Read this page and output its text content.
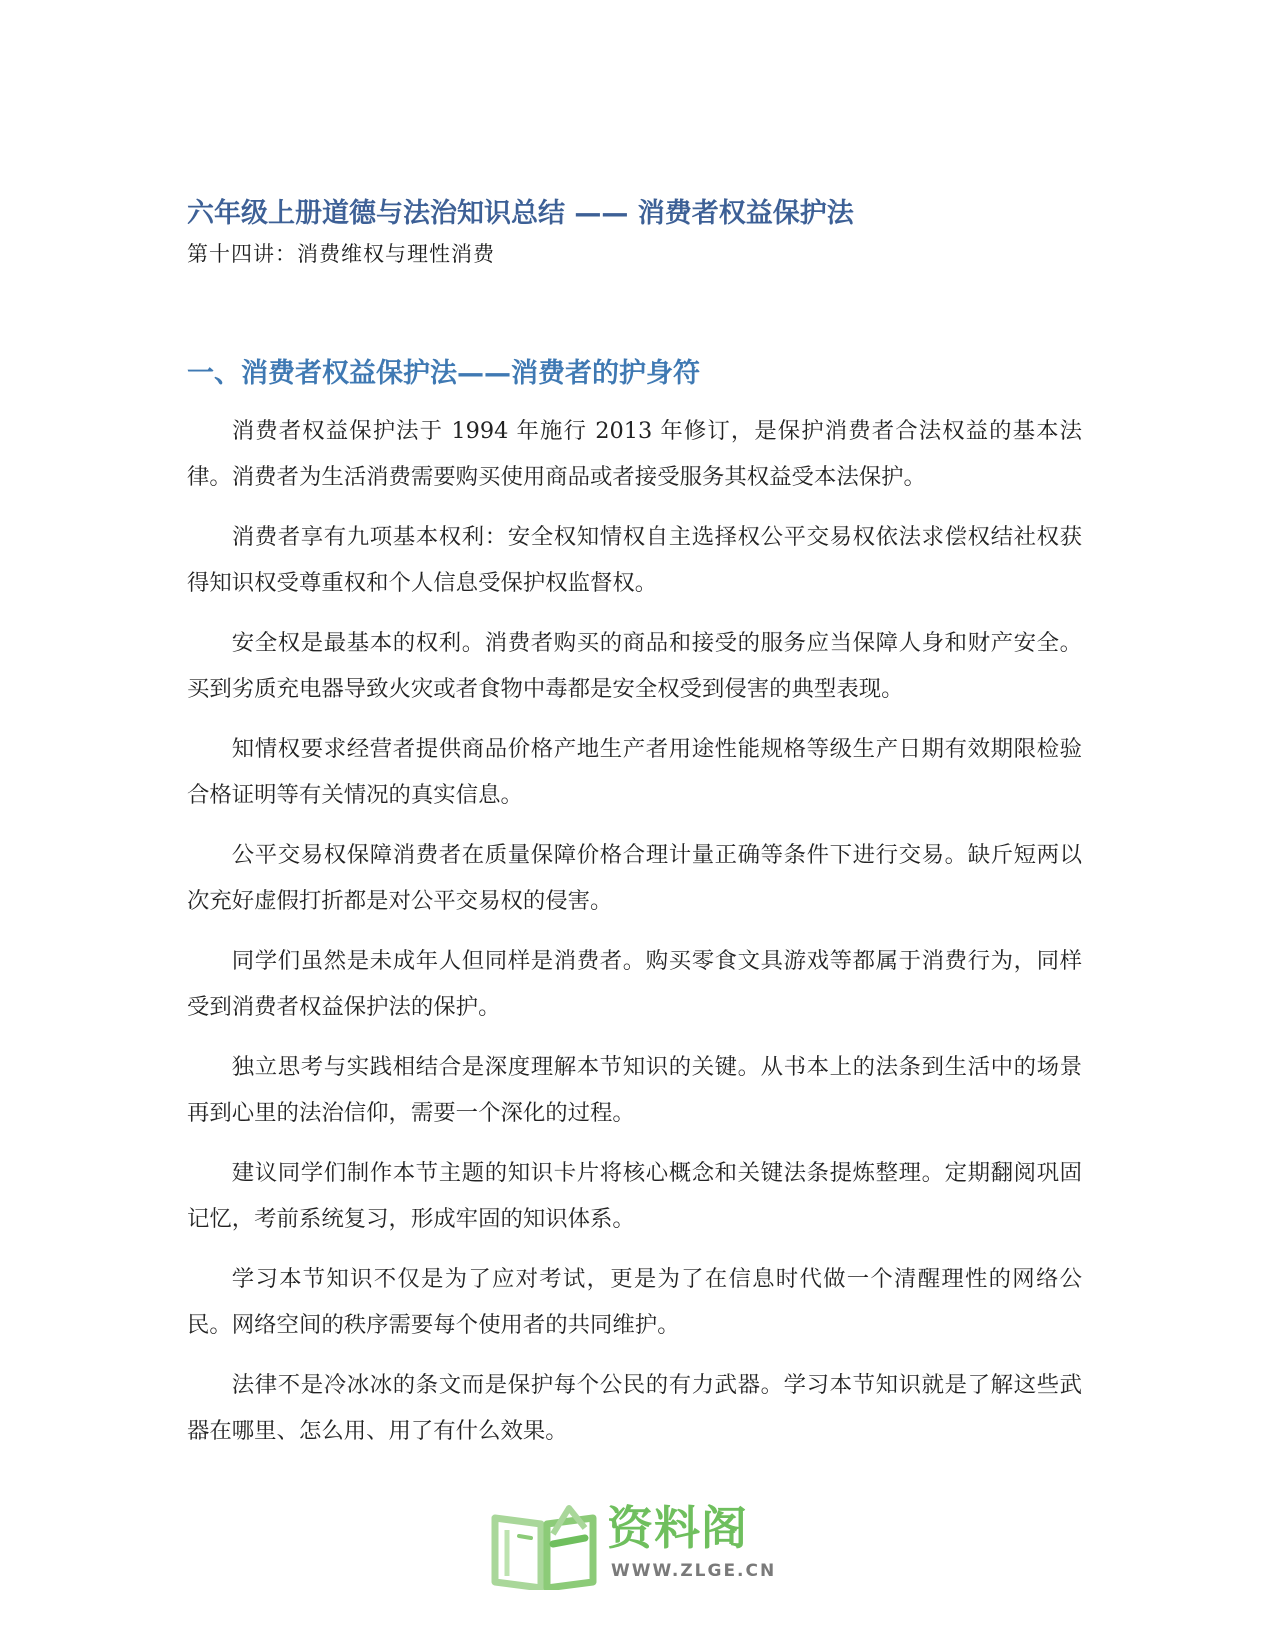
六年级上册道德与法治知识总结 —— 消费者权益保护法
第十四讲：消费维权与理性消费
一、消费者权益保护法——消费者的护身符

消费者权益保护法于 1994 年施行 2013 年修订，是保护消费者合法权益的基本法律。消费者为生活消费需要购买使用商品或者接受服务其权益受本法保护。

消费者享有九项基本权利：安全权知情权自主选择权公平交易权依法求偿权结社权获得知识权受尊重权和个人信息受保护权监督权。

安全权是最基本的权利。消费者购买的商品和接受的服务应当保障人身和财产安全。买到劣质充电器导致火灾或者食物中毒都是安全权受到侵害的典型表现。

知情权要求经营者提供商品价格产地生产者用途性能规格等级生产日期有效期限检验合格证明等有关情况的真实信息。

公平交易权保障消费者在质量保障价格合理计量正确等条件下进行交易。缺斤短两以次充好虚假打折都是对公平交易权的侵害。

同学们虽然是未成年人但同样是消费者。购买零食文具游戏等都属于消费行为，同样受到消费者权益保护法的保护。

独立思考与实践相结合是深度理解本节知识的关键。从书本上的法条到生活中的场景再到心里的法治信仰，需要一个深化的过程。

建议同学们制作本节主题的知识卡片将核心概念和关键法条提炼整理。定期翻阅巩固记忆，考前系统复习，形成牢固的知识体系。

学习本节知识不仅是为了应对考试，更是为了在信息时代做一个清醒理性的网络公民。网络空间的秩序需要每个使用者的共同维护。

法律不是冷冰冰的条文而是保护每个公民的有力武器。学习本节知识就是了解这些武器在哪里、怎么用、用了有什么效果。

资料阁
WWW.ZLGE.CN
